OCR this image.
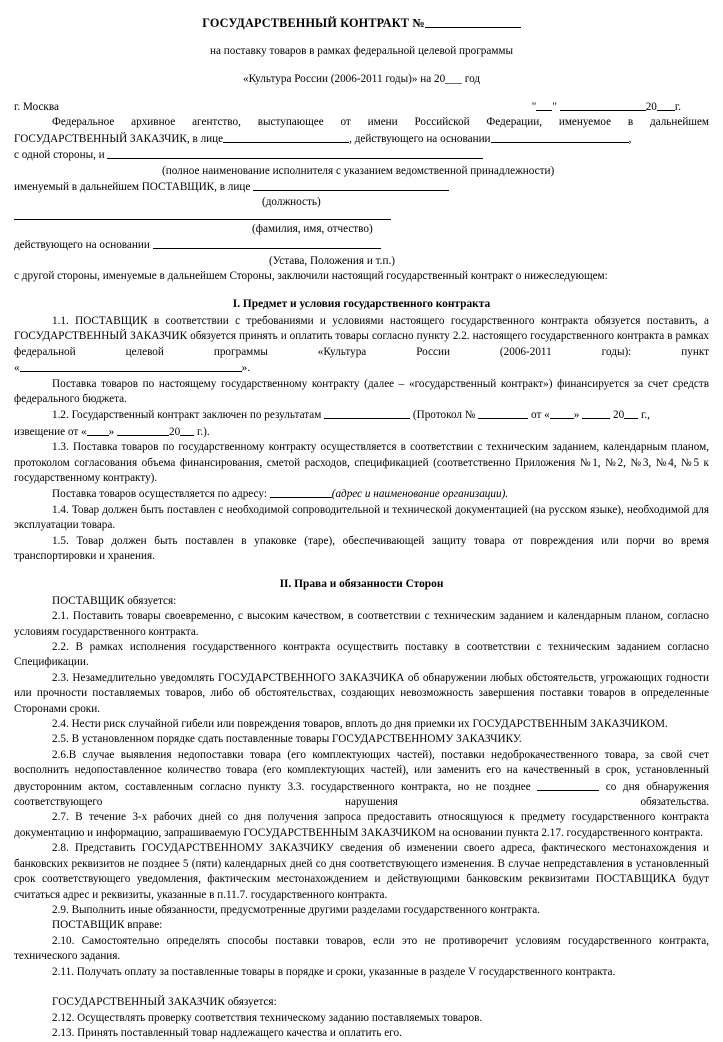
ГОСУДАРСТВЕННЫЙ КОНТРАКТ №
на поставку товаров в рамках федеральной целевой программы
«Культура России (2006-2011 годы)» на 20___ год
г. Москва	" "	20 г.

Федеральное архивное агентство, выступающее от имени Российской Федерации, именуемое в дальнейшем

ГОСУДАРСТВЕННЫЙ ЗАКАЗЧИК, в лице	, действующего на основании	,

с одной стороны, и

(полное наименование исполнителя с указанием ведомственной принадлежности)

именуемый в дальнейшем ПОСТАВЩИК, в лице

(должность)

(фамилия, имя, отчество)

действующего на основании

(Устава, Положения и т.п.)

с другой стороны, именуемые в дальнейшем Стороны, заключили настоящий государственный контракт о нижеследующем:

I. Предмет и условия государственного контракта

1.1. ПОСТАВЩИК в соответствии с требованиями и условиями настоящего государственного контракта обязуется поставить, а ГОСУДАРСТВЕННЫЙ ЗАКАЗЧИК обязуется принять и оплатить товары согласно пункту 2.2. настоящего государственного контракта в рамках федеральной целевой программы «Культура России (2006-2011 годы): пункт

«	».

Поставка товаров по настоящему государственному контракту (далее – «государственный контракт») финансируется за счет средств федерального бюджета.

1.2. Государственный контракт заключен по результатам	(Протокол №	от « »	20 г.,

извещение от « »	20 г.).

1.3. Поставка товаров по государственному контракту осуществляется в соответствии с техническим заданием, календарным планом, протоколом согласования объема финансирования, сметой расходов, спецификацией (соответственно Приложения №1, №2, №3, №4, №5 к государственному контракту).

Поставка товаров осуществляется по адресу:	(адрес и наименование организации).

1.4. Товар должен быть поставлен с необходимой сопроводительной и технической документацией (на русском языке), необходимой для эксплуатации товара.

1.5. Товар должен быть поставлен в упаковке (таре), обеспечивающей защиту товара от повреждения или порчи во время транспортировки и хранения.

II. Права и обязанности Сторон

ПОСТАВЩИК обязуется:

2.1. Поставить товары своевременно, с высоким качеством, в соответствии с техническим заданием и календарным планом, согласно условиям государственного контракта.

2.2. В рамках исполнения государственного контракта осуществить поставку в соответствии с техническим заданием согласно Спецификации.

2.3. Незамедлительно уведомлять ГОСУДАРСТВЕННОГО ЗАКАЗЧИКА об обнаружении любых обстоятельств, угрожающих годности или прочности поставляемых товаров, либо об обстоятельствах, создающих невозможность завершения поставки товаров в определенные Сторонами сроки.

2.4. Нести риск случайной гибели или повреждения товаров, вплоть до дня приемки их ГОСУДАРСТВЕННЫМ ЗАКАЗЧИКОМ.

2.5. В установленном порядке сдать поставленные товары ГОСУДАРСТВЕННОМУ ЗАКАЗЧИКУ.

2.6.В случае выявления недопоставки товара (его комплектующих частей), поставки недоброкачественного товара, за свой счет восполнить недопоставленное количество товара (его комплектующих частей), или заменить его на качественный в срок, установленный двусторонним актом, составленным согласно пункту 3.3. государственного контракта, но не позднее	со дня обнаружения соответствующего нарушения обязательства.

2.7. В течение 3-х рабочих дней со дня получения запроса предоставить относящуюся к предмету государственного контракта документацию и информацию, запрашиваемую ГОСУДАРСТВЕННЫМ ЗАКАЗЧИКОМ на основании пункта 2.17. государственного контракта.

2.8. Представить ГОСУДАРСТВЕННОМУ ЗАКАЗЧИКУ сведения об изменении своего адреса, фактического местонахождения и банковских реквизитов не позднее 5 (пяти) календарных дней со дня соответствующего изменения. В случае непредставления в установленный срок соответствующего уведомления, фактическим местонахождением и действующими банковским реквизитами ПОСТАВЩИКА будут считаться адрес и реквизиты, указанные в п.11.7. государственного контракта.

2.9. Выполнить иные обязанности, предусмотренные другими разделами государственного контракта.

ПОСТАВЩИК вправе:

2.10. Самостоятельно определять способы поставки товаров, если это не противоречит условиям государственного контракта, технического задания.

2.11. Получать оплату за поставленные товары в порядке и сроки, указанные в разделе V государственного контракта.

ГОСУДАРСТВЕННЫЙ ЗАКАЗЧИК обязуется:

2.12. Осуществлять проверку соответствия техническому заданию поставляемых товаров.

2.13. Принять поставленный товар надлежащего качества и оплатить его.
